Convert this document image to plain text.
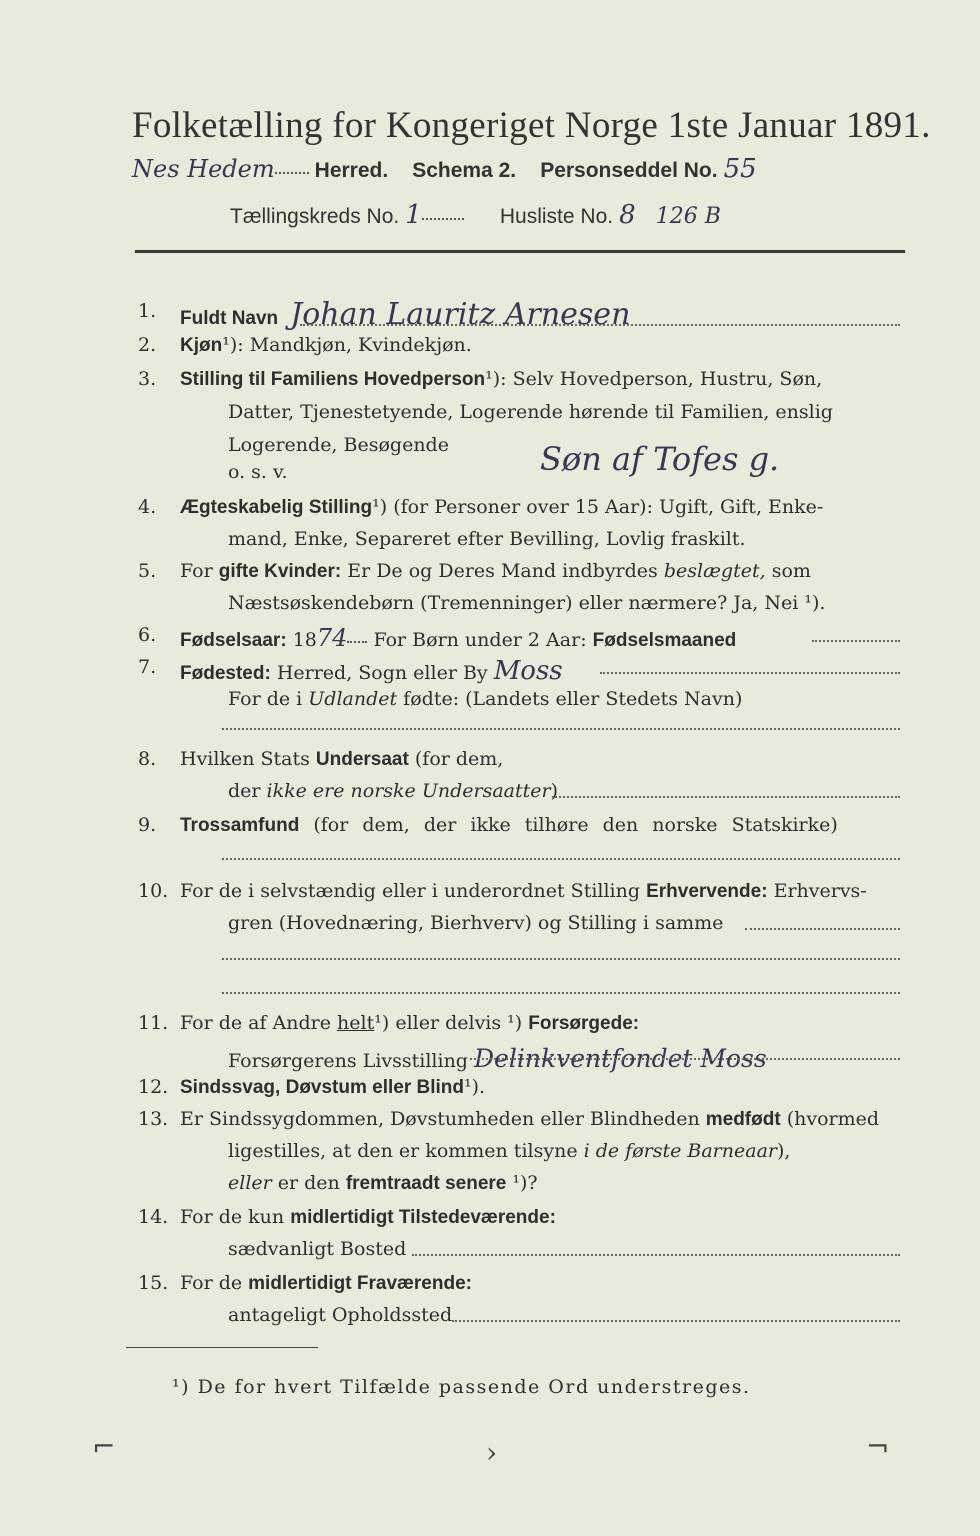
Folketælling for Kongeriget Norge 1ste Januar 1891.
Nes Hedem Herred. Schema 2. Personseddel No. 55
Tællingskreds No. 1	Husliste No. 8 126 B
1. Fuldt Navn Johan Lauritz Arnesen
2. Kjøn¹): Mandkjøn, Kvindekjøn.
3. Stilling til Familiens Hovedperson¹): Selv Hovedperson, Hustru, Søn,
Datter, Tjenestetyende, Logerende hørende til Familien, enslig
Logerende, Besøgende
o. s. v.	Søn af Tofes g.
4. Ægteskabelig Stilling¹) (for Personer over 15 Aar): Ugift, Gift, Enke-
mand, Enke, Separeret efter Bevilling, Lovlig fraskilt.
5. For gifte Kvinder: Er De og Deres Mand indbyrdes beslægtet, som
Næstsøskendebørn (Tremenninger) eller nærmere? Ja, Nei ¹).
6. Fødselsaar: 1874 For Børn under 2 Aar: Fødselsmaaned
7. Fødested: Herred, Sogn eller By Moss
For de i Udlandet fødte: (Landets eller Stedets Navn)
8. Hvilken Stats Undersaat (for dem,
der ikke ere norske Undersaatter)
9. Trossamfund (for dem, der ikke tilhøre den norske Statskirke)
10. For de i selvstændig eller i underordnet Stilling Erhvervende: Erhvervs-
gren (Hovednæring, Bierhverv) og Stilling i samme
11. For de af Andre helt¹) eller delvis ¹) Forsørgede:
Forsørgerens Livsstilling Delinkventfondet Moss
12. Sindssvag, Døvstum eller Blind¹).
13. Er Sindssygdommen, Døvstumheden eller Blindheden medfødt (hvormed
ligestilles, at den er kommen tilsyne i de første Barneaar),
eller er den fremtraadt senere ¹)?
14. For de kun midlertidigt Tilstedeværende:
sædvanligt Bosted
15. For de midlertidigt Fraværende:
antageligt Opholdssted
¹) De for hvert Tilfælde passende Ord understreges.
⌐	›	¬
